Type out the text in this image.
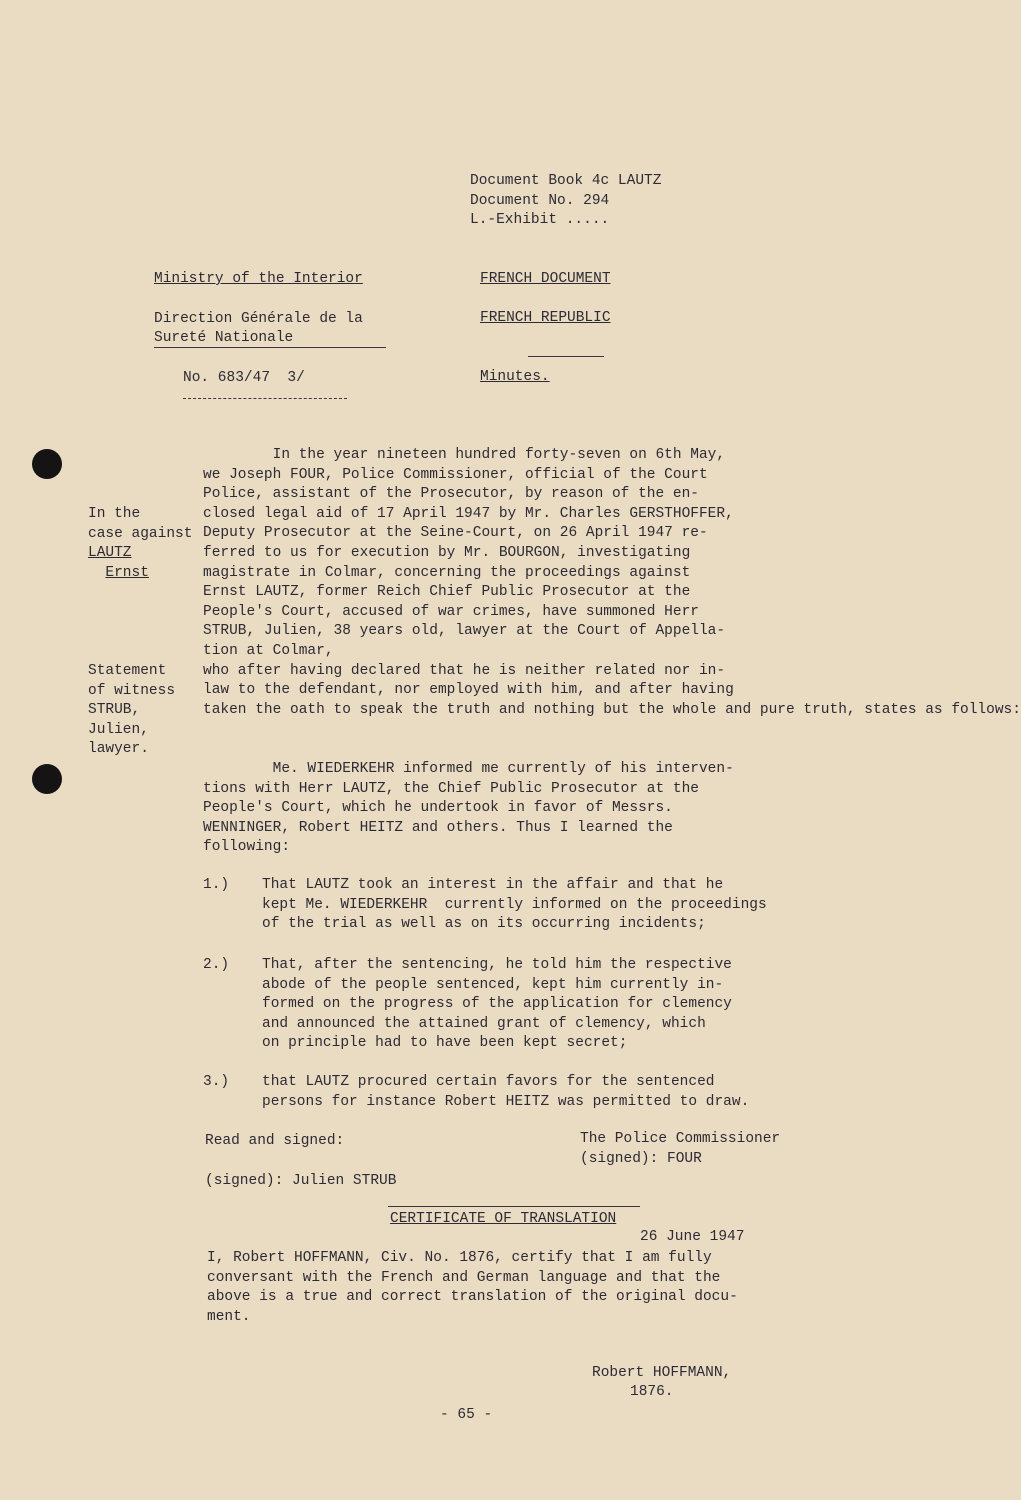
Document Book 4c LAUTZ
Document No. 294
L.-Exhibit .....
Ministry of the Interior
Direction Générale de la
Sureté Nationale
No. 683/47  3/
FRENCH DOCUMENT
FRENCH REPUBLIC
Minutes.
In the
case against
LAUTZ
Ernst
Statement
of witness
STRUB,
Julien,
lawyer.
In the year nineteen hundred forty-seven on 6th May,
we Joseph FOUR, Police Commissioner, official of the Court
Police, assistant of the Prosecutor, by reason of the en-
closed legal aid of 17 April 1947 by Mr. Charles GERSTHOFFER,
Deputy Prosecutor at the Seine-Court, on 26 April 1947 re-
ferred to us for execution by Mr. BOURGON, investigating
magistrate in Colmar, concerning the proceedings against
Ernst LAUTZ, former Reich Chief Public Prosecutor at the
People's Court, accused of war crimes, have summoned Herr
STRUB, Julien, 38 years old, lawyer at the Court of Appella-
tion at Colmar,
who after having declared that he is neither related nor in-
law to the defendant, nor employed with him, and after having
taken the oath to speak the truth and nothing but the whole and pure truth, states as follows:
Me. WIEDERKEHR informed me currently of his interven-
tions with Herr LAUTZ, the Chief Public Prosecutor at the
People's Court, which he undertook in favor of Messrs.
WENNINGER, Robert HEITZ and others. Thus I learned the
following:
1.) That LAUTZ took an interest in the affair and that he
kept Me. WIEDERKEHR  currently informed on the proceedings
of the trial as well as on its occurring incidents;
2.) That, after the sentencing, he told him the respective
abode of the people sentenced, kept him currently in-
formed on the progress of the application for clemency
and announced the attained grant of clemency, which
on principle had to have been kept secret;
3.) that LAUTZ procured certain favors for the sentenced
persons for instance Robert HEITZ was permitted to draw.
Read and signed:
(signed): Julien STRUB
The Police Commissioner
(signed): FOUR
CERTIFICATE OF TRANSLATION
26 June 1947
I, Robert HOFFMANN, Civ. No. 1876, certify that I am fully
conversant with the French and German language and that the
above is a true and correct translation of the original docu-
ment.
Robert HOFFMANN,
1876.
- 65 -
